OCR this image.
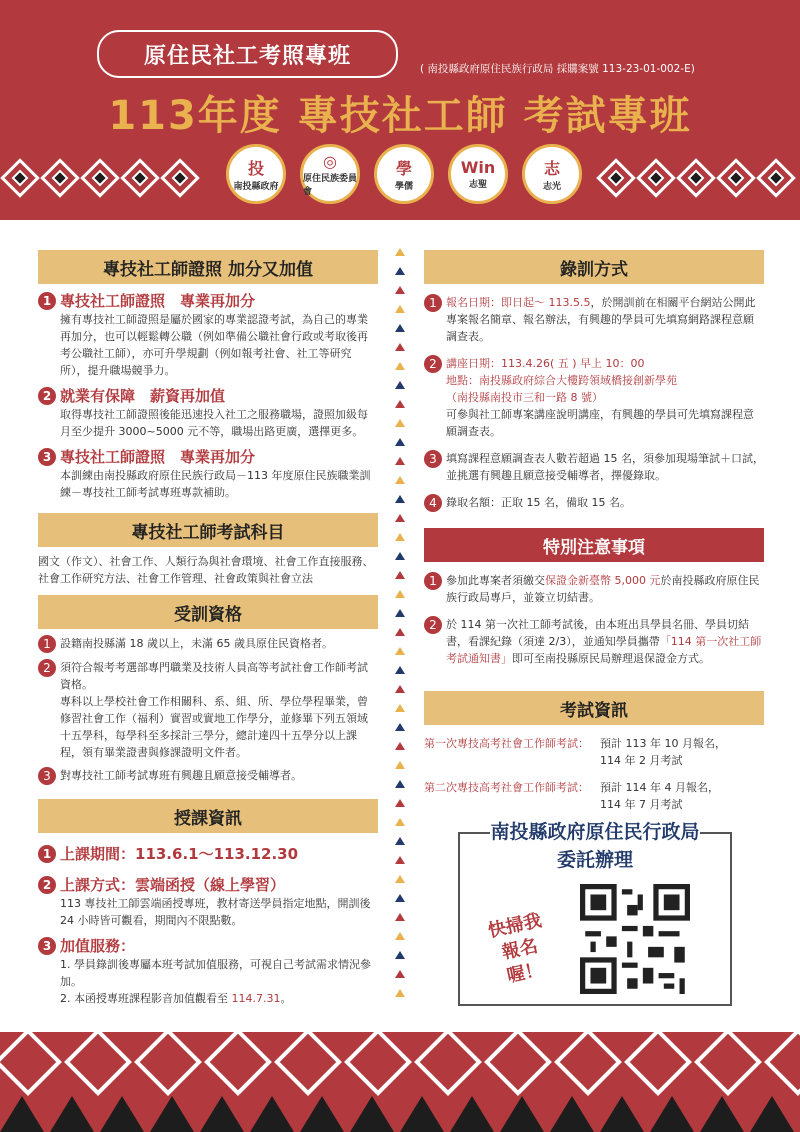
原住民社工考照專班
( 南投縣政府原住民族行政局 採購案號 113-23-01-002-E)
113年度 專技社工師 考試專班
投
南投縣政府
◎
原住民族委員會
學
學儒
Win
志聖
志
志光
專技社工師證照 加分又加值
1 專技社工師證照　專業再加分
擁有專技社工師證照是屬於國家的專業認證考試，為自己的專業再加分，也可以輕鬆轉公職（例如準備公職社會行政或考取後再考公職社工師），亦可升學規劃（例如報考社會、社工等研究所），提升職場競爭力。
2 就業有保障　薪資再加值
取得專技社工師證照後能迅速投入社工之服務職場，證照加級每月至少提升 3000~5000 元不等，職場出路更廣，選擇更多。
3 專技社工師證照　專業再加分
本訓練由南投縣政府原住民族行政局－113 年度原住民族職業訓練－專技社工師考試專班專款補助。
專技社工師考試科目
國文（作文）、社會工作、人類行為與社會環境、社會工作直接服務、社會工作研究方法、社會工作管理、社會政策與社會立法
受訓資格
1 設籍南投縣滿 18 歲以上，未滿 65 歲具原住民資格者。
2 須符合報考考選部專門職業及技術人員高等考試社會工作師考試資格。
專科以上學校社會工作相關科、系、組、所、學位學程畢業，曾修習社會工作（福利）實習或實地工作學分，並修畢下列五領域十五學科，每學科至多採計三學分，總計達四十五學分以上課程，領有畢業證書與修課證明文件者。
3 對專技社工師考試專班有興趣且願意接受輔導者。
授課資訊
1 上課期間：113.6.1～113.12.30
2 上課方式：雲端函授（線上學習）
113 專技社工師雲端函授專班，教材寄送學員指定地點，開訓後 24 小時皆可觀看，期間內不限點數。
3 加值服務：
1. 學員錄訓後專屬本班考試加值服務，可視自己考試需求情況參加。
2. 本函授專班課程影音加值觀看至 114.7.31。
錄訓方式
1 報名日期：即日起～ 113.5.5，於開訓前在相關平台網站公開此專案報名簡章、報名辦法，有興趣的學員可先填寫網路課程意願調查表。
2 講座日期：113.4.26( 五 ) 早上 10：00
地點：南投縣政府綜合大樓跨領域橋接創新學苑
（南投縣南投市三和一路 8 號）
可參與社工師專案講座說明講座，有興趣的學員可先填寫課程意願調查表。
3 填寫課程意願調查表人數若超過 15 名，須參加現場筆試＋口試，並挑選有興趣且願意接受輔導者，擇優錄取。
4 錄取名額：正取 15 名，備取 15 名。
特別注意事項
1 參加此專案者須繳交保證金新臺幣 5,000 元於南投縣政府原住民族行政局專戶，並簽立切結書。
2 於 114 第一次社工師考試後，由本班出具學員名冊、學員切結書，看課紀錄（須達 2/3），並通知學員攜帶「114 第一次社工師考試通知書」即可至南投縣原民局辦理退保證金方式。
考試資訊
第一次專技高考社會工作師考試：	預計 113 年 10 月報名，
114 年 2 月考試
第二次專技高考社會工作師考試：	預計 114 年 4 月報名，
114 年 7 月考試
南投縣政府原住民行政局委託辦理
快掃我報名喔！
